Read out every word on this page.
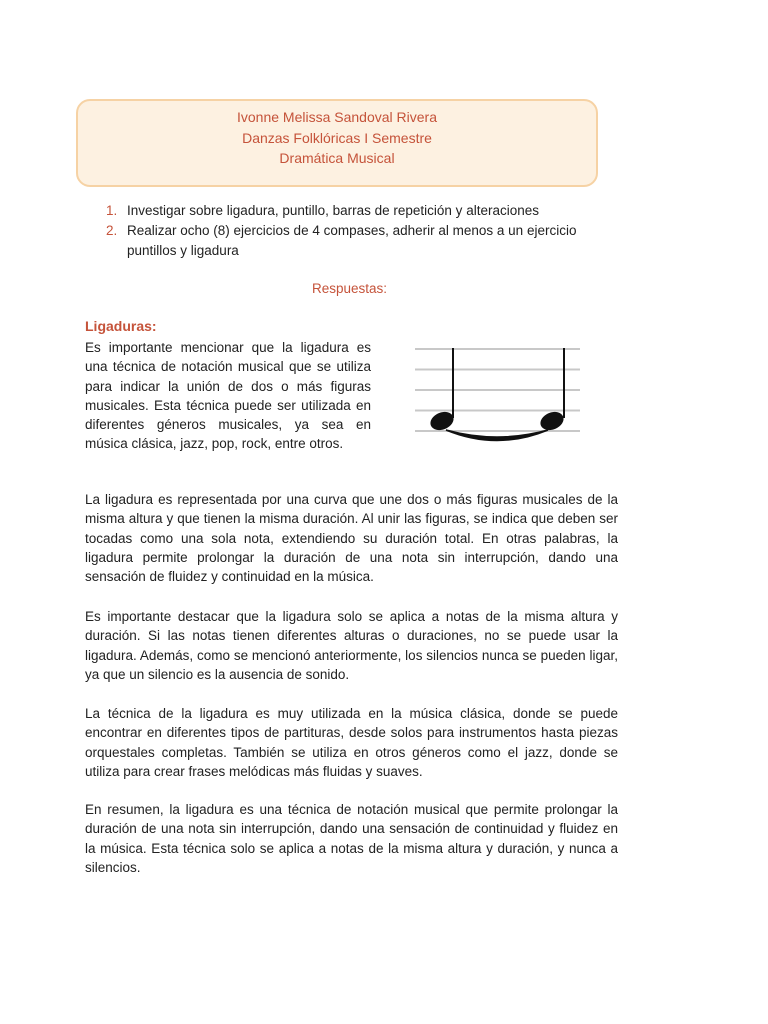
Ivonne Melissa Sandoval Rivera
Danzas Folklóricas I Semestre
Dramática Musical
1. Investigar sobre ligadura, puntillo, barras de repetición y alteraciones
2. Realizar ocho (8) ejercicios de 4 compases, adherir al menos a un ejercicio puntillos y ligadura
Respuestas:
Ligaduras:

Es importante mencionar que la ligadura es una técnica de notación musical que se utiliza para indicar la unión de dos o más figuras musicales. Esta técnica puede ser utilizada en diferentes géneros musicales, ya sea en música clásica, jazz, pop, rock, entre otros.

La ligadura es representada por una curva que une dos o más figuras musicales de la misma altura y que tienen la misma duración. Al unir las figuras, se indica que deben ser tocadas como una sola nota, extendiendo su duración total. En otras palabras, la ligadura permite prolongar la duración de una nota sin interrupción, dando una sensación de fluidez y continuidad en la música.

Es importante destacar que la ligadura solo se aplica a notas de la misma altura y duración. Si las notas tienen diferentes alturas o duraciones, no se puede usar la ligadura. Además, como se mencionó anteriormente, los silencios nunca se pueden ligar, ya que un silencio es la ausencia de sonido.

La técnica de la ligadura es muy utilizada en la música clásica, donde se puede encontrar en diferentes tipos de partituras, desde solos para instrumentos hasta piezas orquestales completas. También se utiliza en otros géneros como el jazz, donde se utiliza para crear frases melódicas más fluidas y suaves.

En resumen, la ligadura es una técnica de notación musical que permite prolongar la duración de una nota sin interrupción, dando una sensación de continuidad y fluidez en la música. Esta técnica solo se aplica a notas de la misma altura y duración, y nunca a silencios.
